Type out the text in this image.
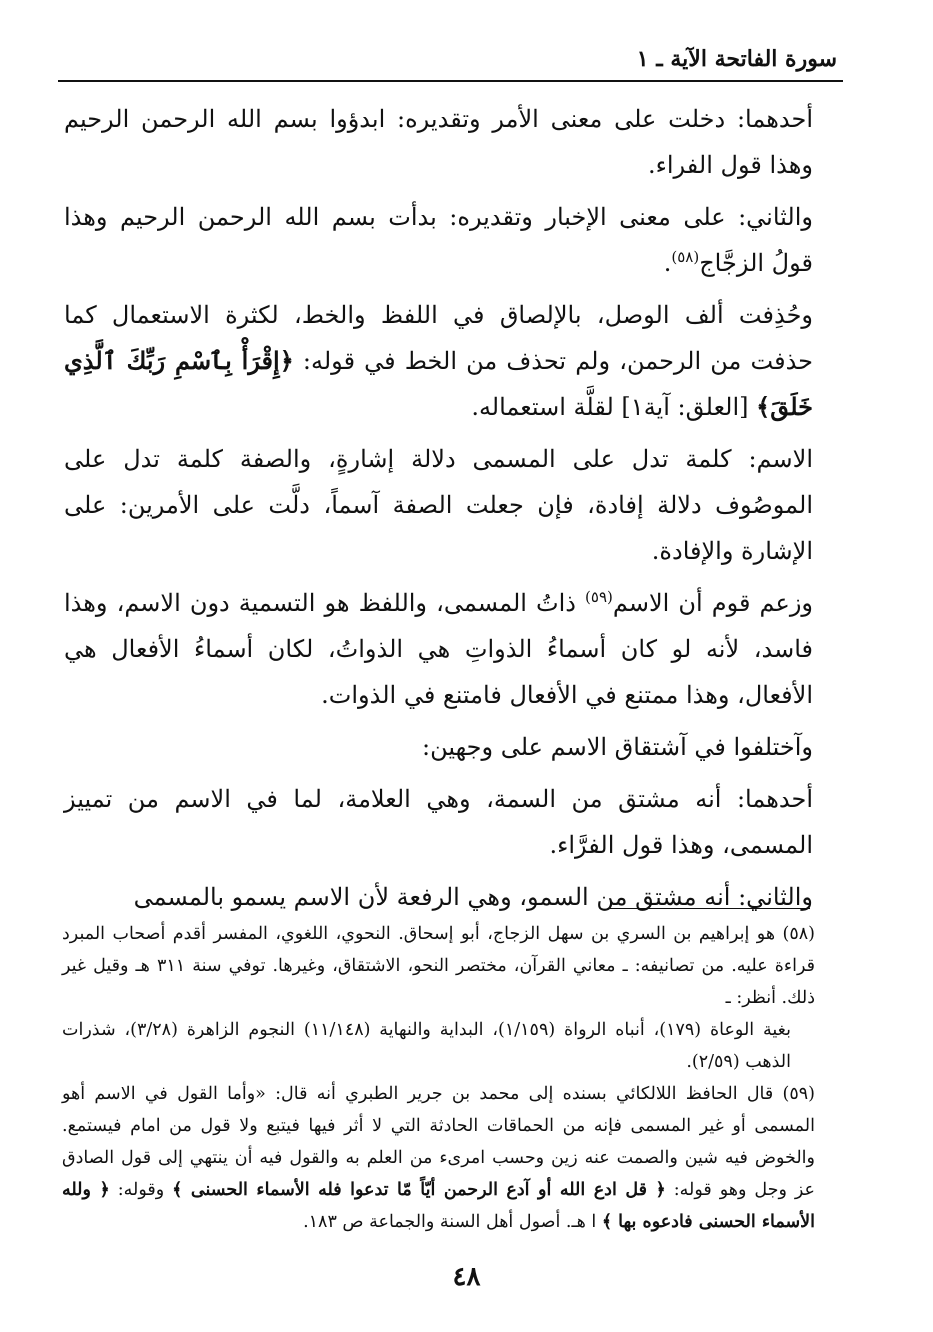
سورة الفاتحة الآية ـ ١

أحدهما: دخلت على معنى الأمر وتقديره: ابدؤوا بسم الله الرحمن الرحيم وهذا قول الفراء.

والثاني: على معنى الإخبار وتقديره: بدأت بسم الله الرحمن الرحيم وهذا قولُ الزجَّاج$^{(٥٨)}$.

وحُذِفت ألف الوصل، بالإلصاق في اللفظ والخط، لكثرة الاستعمال كما حذفت من الرحمن، ولم تحذف من الخط في قوله: ﴿إِقْرَأْ بِٱسْمِ رَبِّكَ ٱلَّذِي خَلَقَ﴾ [العلق: آية١] لقلَّة استعماله.

الاسم: كلمة تدل على المسمى دلالة إشارةٍ، والصفة كلمة تدل على الموصُوف دلالة إفادة، فإن جعلت الصفة آسماً، دلَّت على الأمرين: على الإشارة والإفادة.

وزعم قوم أن الاسم$^{(٥٩)}$ ذاتُ المسمى، واللفظ هو التسمية دون الاسم، وهذا فاسد، لأنه لو كان أسماءُ الذواتِ هي الذواتُ، لكان أسماءُ الأفعال هي الأفعال، وهذا ممتنع في الأفعال فامتنع في الذوات.

وآختلفوا في آشتقاق الاسم على وجهين:

أحدهما: أنه مشتق من السمة، وهي العلامة، لما في الاسم من تمييز المسمى، وهذا قول الفرَّاء.

والثاني: أنه مشتق من السمو، وهي الرفعة لأن الاسم يسمو بالمسمى

(٥٨) هو إبراهيم بن السري بن سهل الزجاج، أبو إسحاق. النحوي، اللغوي، المفسر أقدم أصحاب المبرد قراءة عليه. من تصانيفه: ـ معاني القرآن، مختصر النحو، الاشتقاق، وغيرها. توفي سنة ٣١١ هـ وقيل غير ذلك. أنظر: ـ

بغية الوعاة (١٧٩)، أنباه الرواة (١/١٥٩)، البداية والنهاية (١١/١٤٨) النجوم الزاهرة (٣/٢٨)، شذرات الذهب (٢/٥٩).

(٥٩) قال الحافظ اللالكائي بسنده إلى محمد بن جرير الطبري أنه قال: «وأما القول في الاسم أهو المسمى أو غير المسمى فإنه من الحماقات الحادثة التي لا أثر فيها فيتبع ولا قول من امام فيستمع. والخوض فيه شين والصمت عنه زين وحسب امرىء من العلم به والقول فيه أن ينتهي إلى قول الصادق عز وجل وهو قوله: ﴿ قل ادع الله أو آدع الرحمن أيّاً مّا تدعوا فله الأسماء الحسنى ﴾ وقوله: ﴿ ولله الأسماء الحسنى فادعوه بها ﴾ ا هـ. أصول أهل السنة والجماعة ص ١٨٣.

٤٨
